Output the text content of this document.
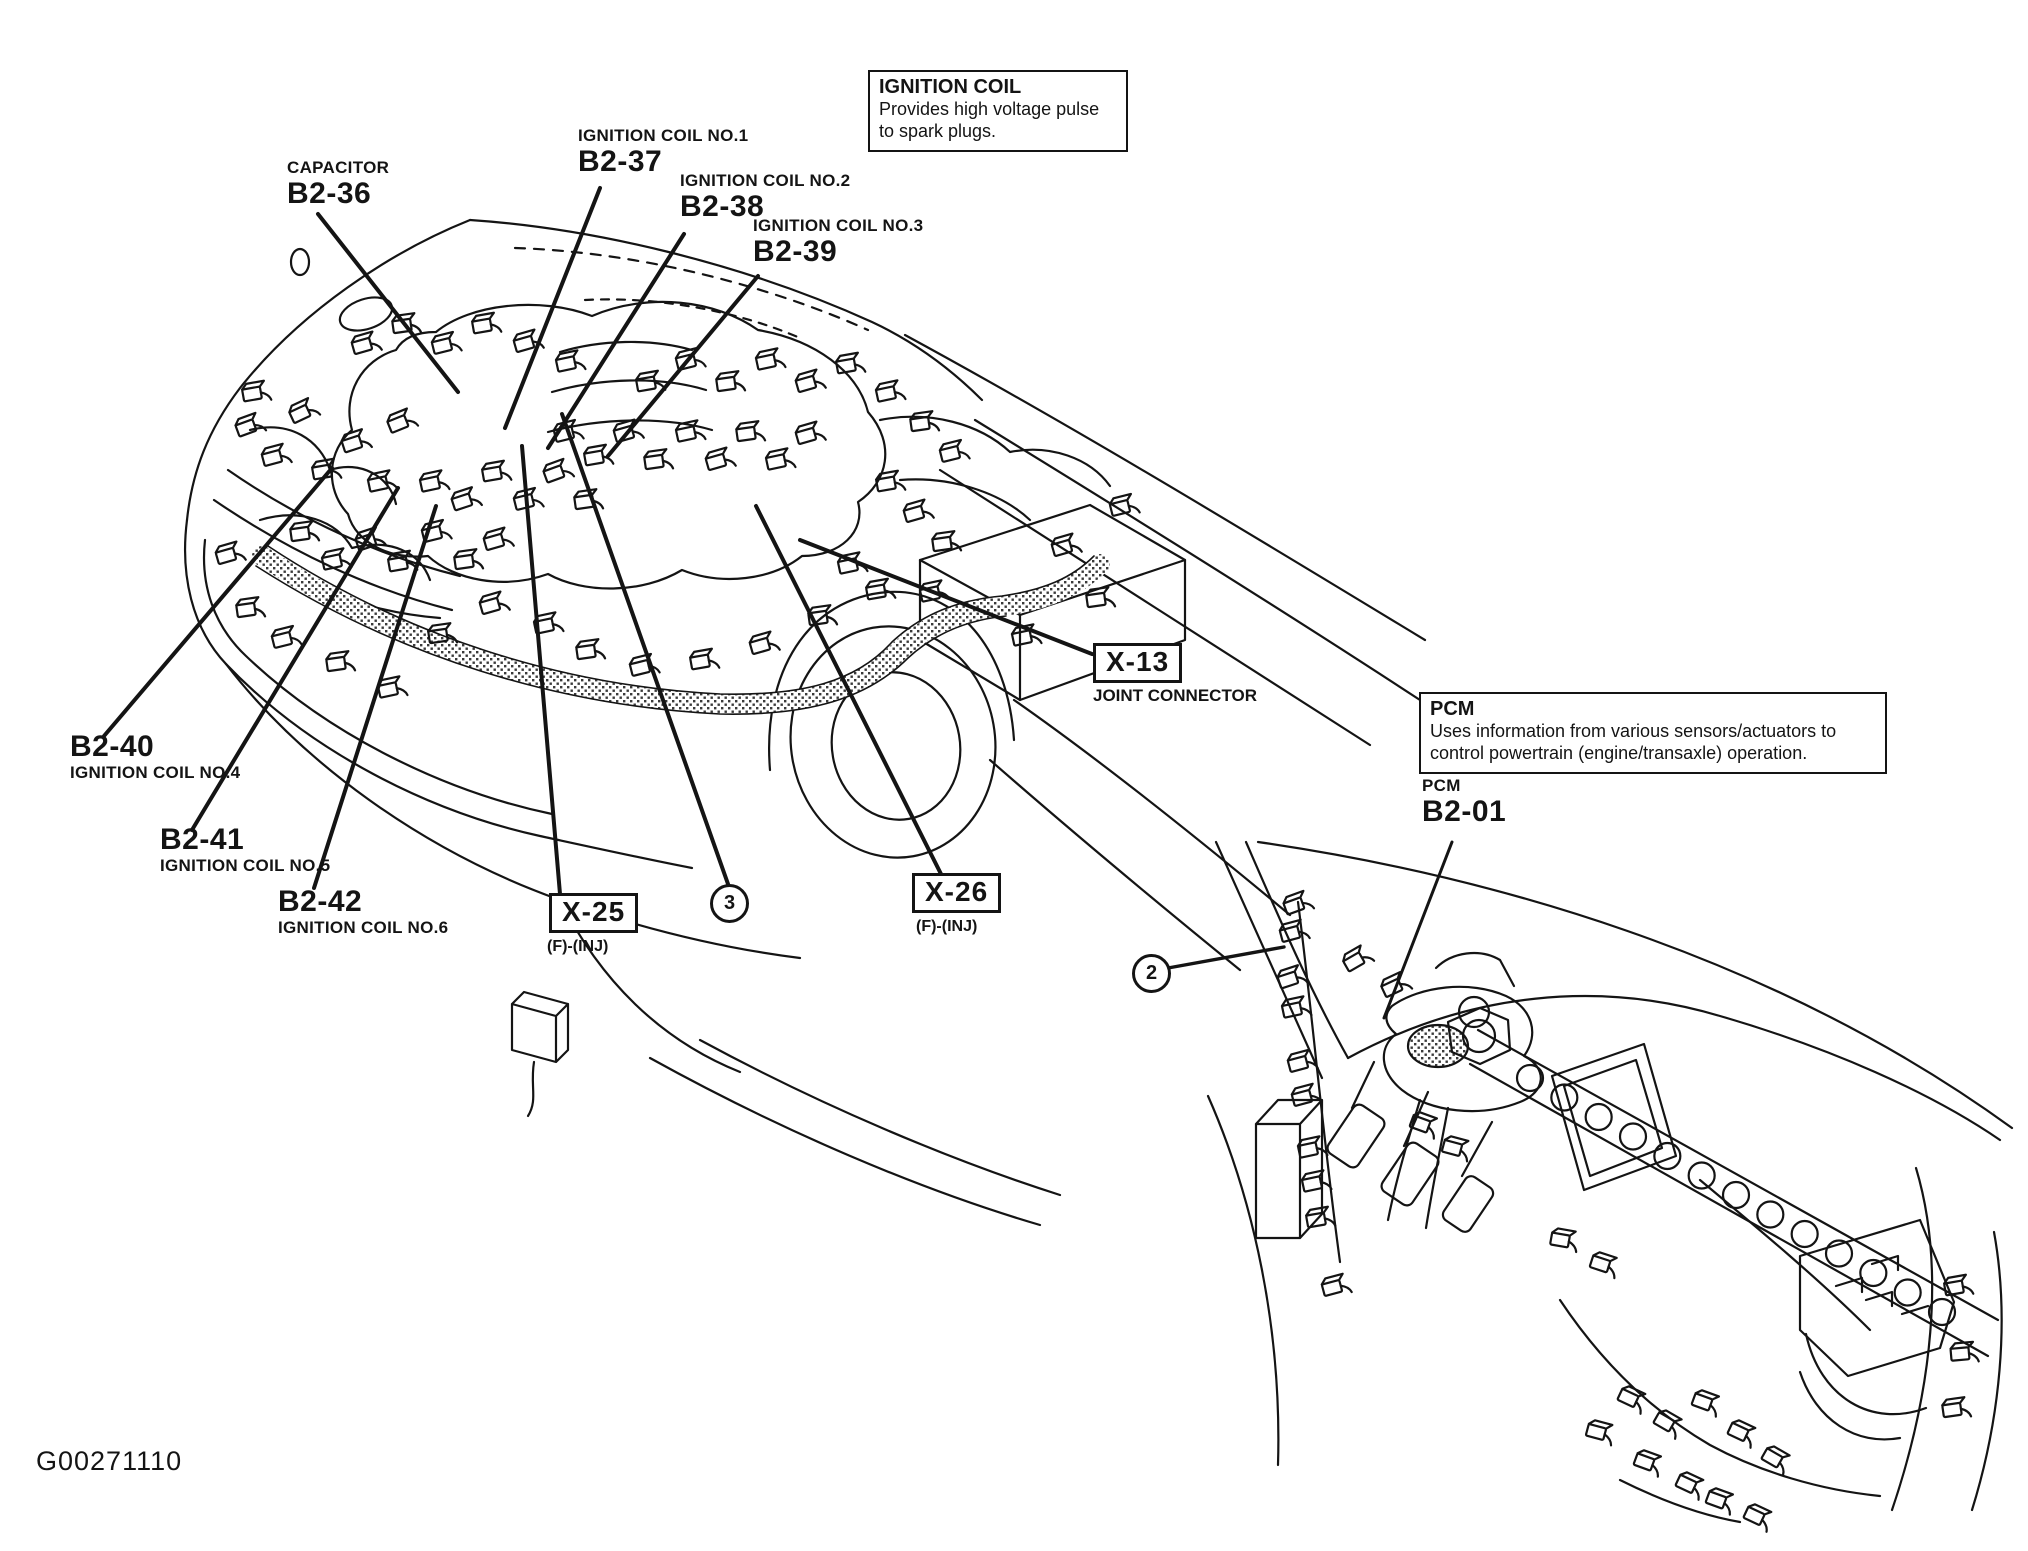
IGNITION COIL
Provides high voltage pulse
to spark plugs.
PCM
Uses information from various sensors/actuators to
control powertrain (engine/transaxle) operation.
CAPACITOR
B2-36
IGNITION COIL NO.1
B2-37
IGNITION COIL NO.2
B2-38
IGNITION COIL NO.3
B2-39
B2-40
IGNITION COIL NO.4
B2-41
IGNITION COIL NO.5
B2-42
IGNITION COIL NO.6
PCM
B2-01
X-25
(F)-(INJ)
X-26
(F)-(INJ)
X-13
JOINT CONNECTOR
3
2
G00271110
